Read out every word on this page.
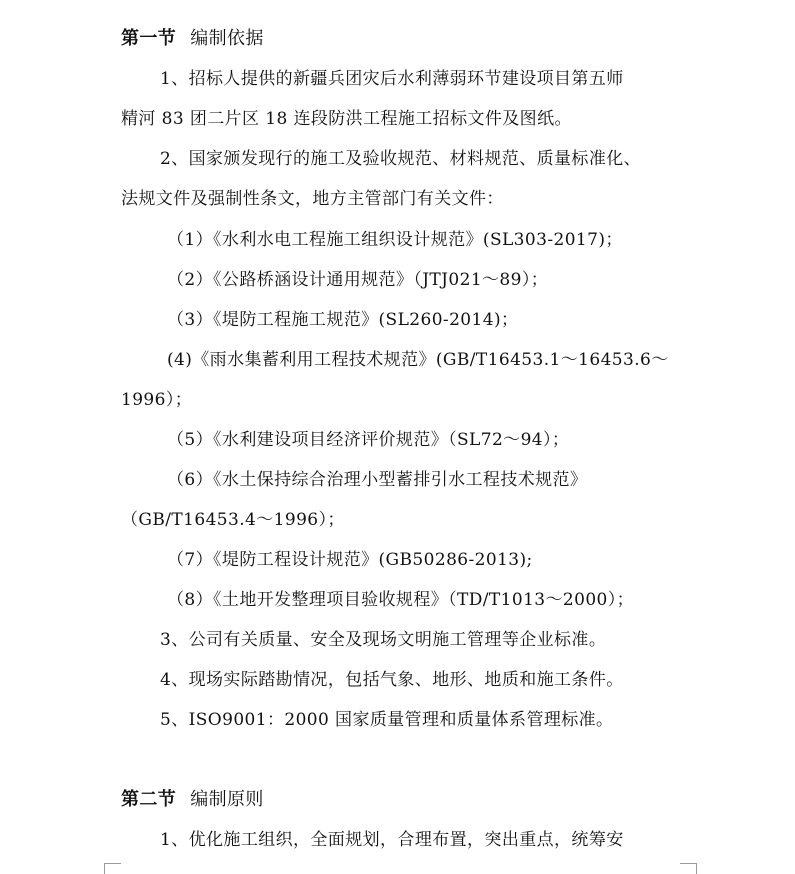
第一节 编制依据
1、招标人提供的新疆兵团灾后水利薄弱环节建设项目第五师
精河 83 团二片区 18 连段防洪工程施工招标文件及图纸。
2、国家颁发现行的施工及验收规范、材料规范、质量标准化、
法规文件及强制性条文，地方主管部门有关文件：
（1）《水利水电工程施工组织设计规范》(SL303-2017)；
（2）《公路桥涵设计通用规范》（JTJ021～89）；
（3）《堤防工程施工规范》(SL260-2014)；
(4)《雨水集蓄利用工程技术规范》(GB/T16453.1～16453.6～
1996）；
（5）《水利建设项目经济评价规范》（SL72～94）；
（6）《水土保持综合治理小型蓄排引水工程技术规范》
（GB/T16453.4～1996）；
（7）《堤防工程设计规范》(GB50286-2013);
（8）《土地开发整理项目验收规程》（TD/T1013～2000）；
3、公司有关质量、安全及现场文明施工管理等企业标准。
4、现场实际踏勘情况，包括气象、地形、地质和施工条件。
5、ISO9001：2000 国家质量管理和质量体系管理标准。
第二节 编制原则
1、优化施工组织，全面规划，合理布置，突出重点，统筹安
